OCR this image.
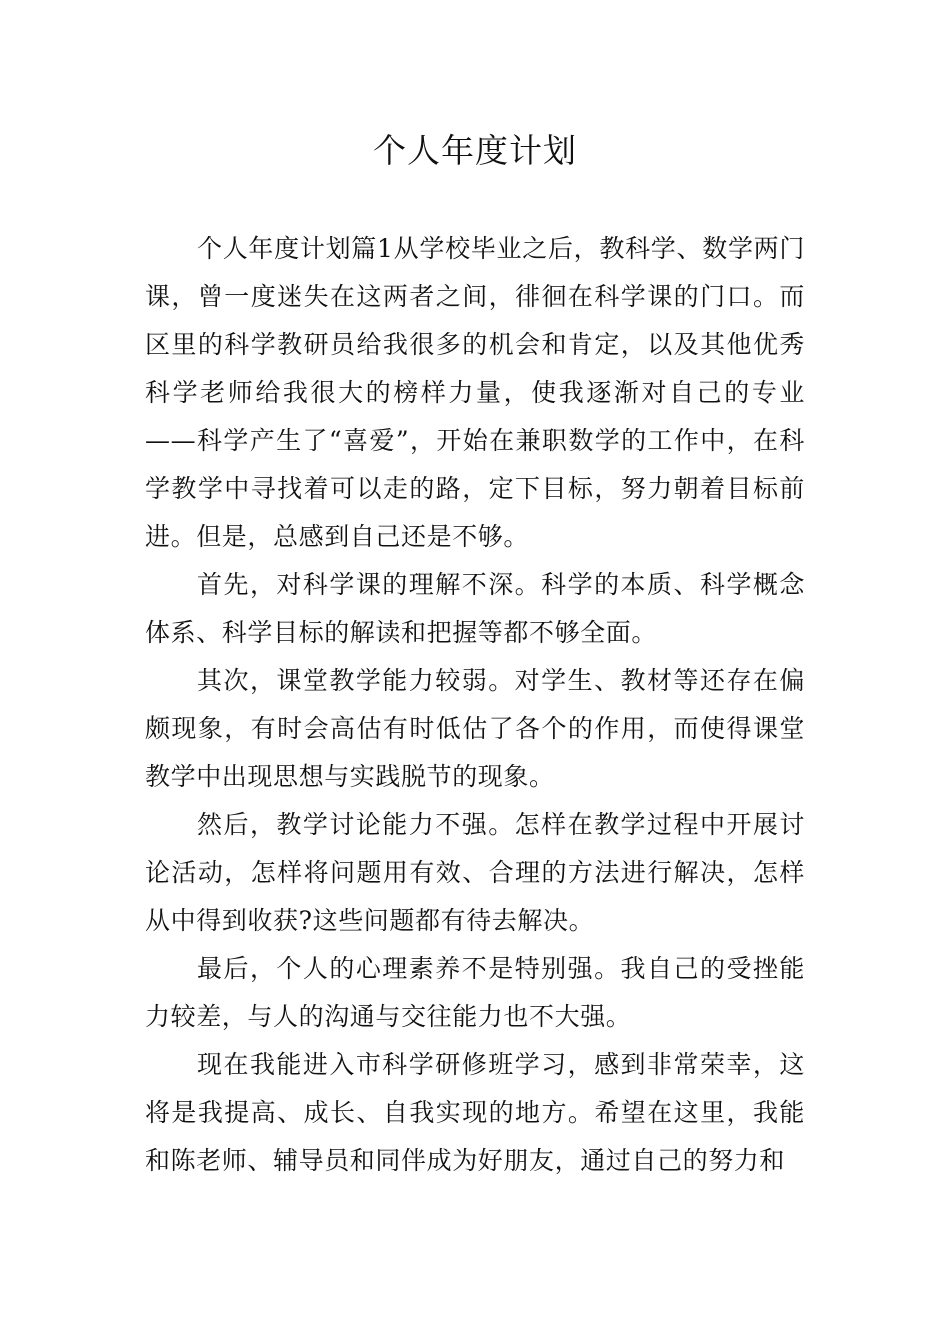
个人年度计划

个人年度计划篇1从学校毕业之后，教科学、数学两门课，曾一度迷失在这两者之间，徘徊在科学课的门口。而区里的科学教研员给我很多的机会和肯定，以及其他优秀科学老师给我很大的榜样力量，使我逐渐对自己的专业——科学产生了“喜爱”，开始在兼职数学的工作中，在科学教学中寻找着可以走的路，定下目标，努力朝着目标前进。但是，总感到自己还是不够。

首先，对科学课的理解不深。科学的本质、科学概念体系、科学目标的解读和把握等都不够全面。

其次，课堂教学能力较弱。对学生、教材等还存在偏颇现象，有时会高估有时低估了各个的作用，而使得课堂教学中出现思想与实践脱节的现象。

然后，教学讨论能力不强。怎样在教学过程中开展讨论活动，怎样将问题用有效、合理的方法进行解决，怎样从中得到收获?这些问题都有待去解决。

最后，个人的心理素养不是特别强。我自己的受挫能力较差，与人的沟通与交往能力也不大强。

现在我能进入市科学研修班学习，感到非常荣幸，这将是我提高、成长、自我实现的地方。希望在这里，我能和陈老师、辅导员和同伴成为好朋友，通过自己的努力和
